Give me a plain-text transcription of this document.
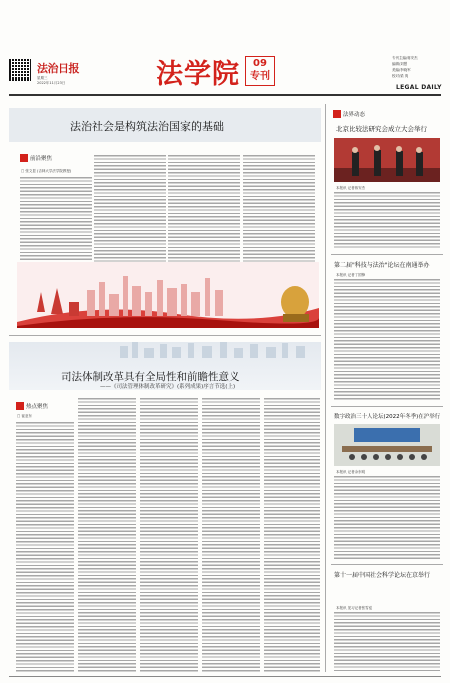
法治日报
星期三
2022年11月23日	法学院	09
专刊
专刊主编/蒋安杰
编辑/刘慧
美编/李晓军
校对/梁 爽
LEGAL DAILY
法治社会是构筑法治国家的基础
前沿聚焦
□ 张文显 (吉林大学法学院教授)
司法体制改革具有全局性和前瞻性意义
——《司法管理体制改革研究》(系列成果)序言节选(上)
热点聚焦
□ 崔亚东
法界动态
北京比较法研究会成立大会举行
本报讯 记者蒋安杰
第二届"科技与法治"论坛在南通举办
本报讯 记者丁国锋
数字政治三十人论坛(2022年冬季)在沪举行
本报讯 记者余东明
第十一届中国社会科学论坛在京举行
本报讯 见习记者张雪泓
